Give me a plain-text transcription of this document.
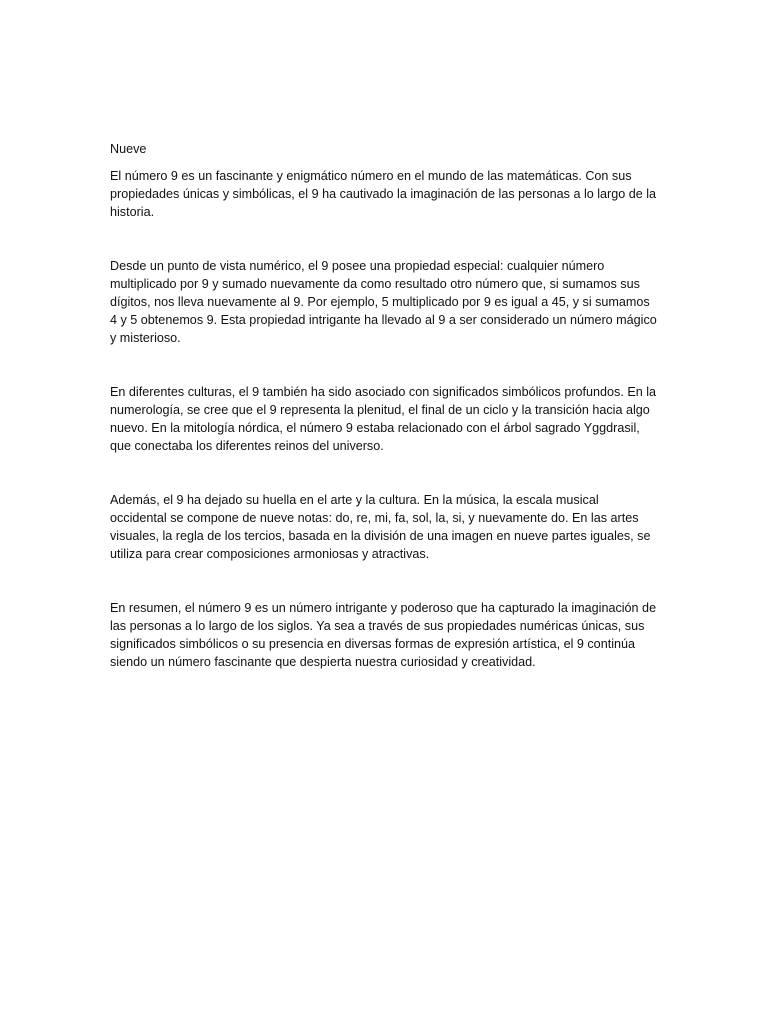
Nueve

El número 9 es un fascinante y enigmático número en el mundo de las matemáticas. Con sus propiedades únicas y simbólicas, el 9 ha cautivado la imaginación de las personas a lo largo de la historia.

Desde un punto de vista numérico, el 9 posee una propiedad especial: cualquier número multiplicado por 9 y sumado nuevamente da como resultado otro número que, si sumamos sus dígitos, nos lleva nuevamente al 9. Por ejemplo, 5 multiplicado por 9 es igual a 45, y si sumamos 4 y 5 obtenemos 9. Esta propiedad intrigante ha llevado al 9 a ser considerado un número mágico y misterioso.

En diferentes culturas, el 9 también ha sido asociado con significados simbólicos profundos. En la numerología, se cree que el 9 representa la plenitud, el final de un ciclo y la transición hacia algo nuevo. En la mitología nórdica, el número 9 estaba relacionado con el árbol sagrado Yggdrasil, que conectaba los diferentes reinos del universo.

Además, el 9 ha dejado su huella en el arte y la cultura. En la música, la escala musical occidental se compone de nueve notas: do, re, mi, fa, sol, la, si, y nuevamente do. En las artes visuales, la regla de los tercios, basada en la división de una imagen en nueve partes iguales, se utiliza para crear composiciones armoniosas y atractivas.

En resumen, el número 9 es un número intrigante y poderoso que ha capturado la imaginación de las personas a lo largo de los siglos. Ya sea a través de sus propiedades numéricas únicas, sus significados simbólicos o su presencia en diversas formas de expresión artística, el 9 continúa siendo un número fascinante que despierta nuestra curiosidad y creatividad.
